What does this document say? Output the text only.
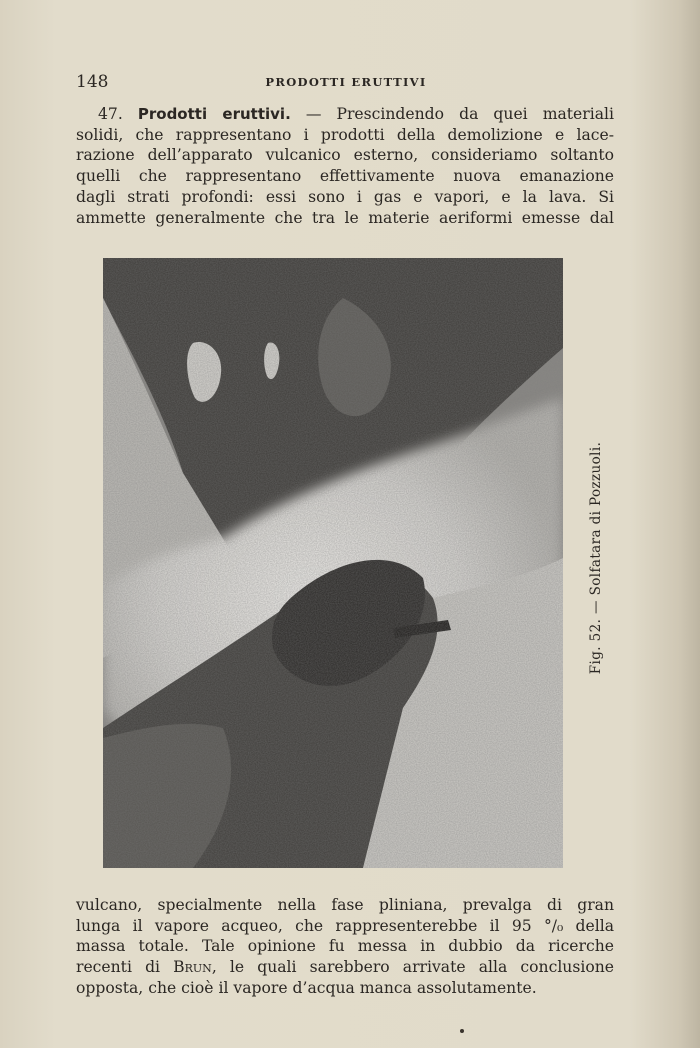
148	PRODOTTI ERUTTIVI
47. Prodotti eruttivi. — Prescindendo da quei materiali
solidi, che rappresentano i prodotti della demolizione e lace-
razione dell’apparato vulcanico esterno, consideriamo soltanto
quelli che rappresentano effettivamente nuova emanazione
dagli strati profondi: essi sono i gas e vapori, e la lava. Si
ammette generalmente che tra le materie aeriformi emesse dal
Fig. 52. — Solfatara di Pozzuoli.
vulcano, specialmente nella fase pliniana, prevalga di gran
lunga il vapore acqueo, che rappresenterebbe il 95 °/₀ della
massa totale. Tale opinione fu messa in dubbio da ricerche
recenti di Brun, le quali sarebbero arrivate alla conclusione
opposta, che cioè il vapore d’acqua manca assolutamente.
